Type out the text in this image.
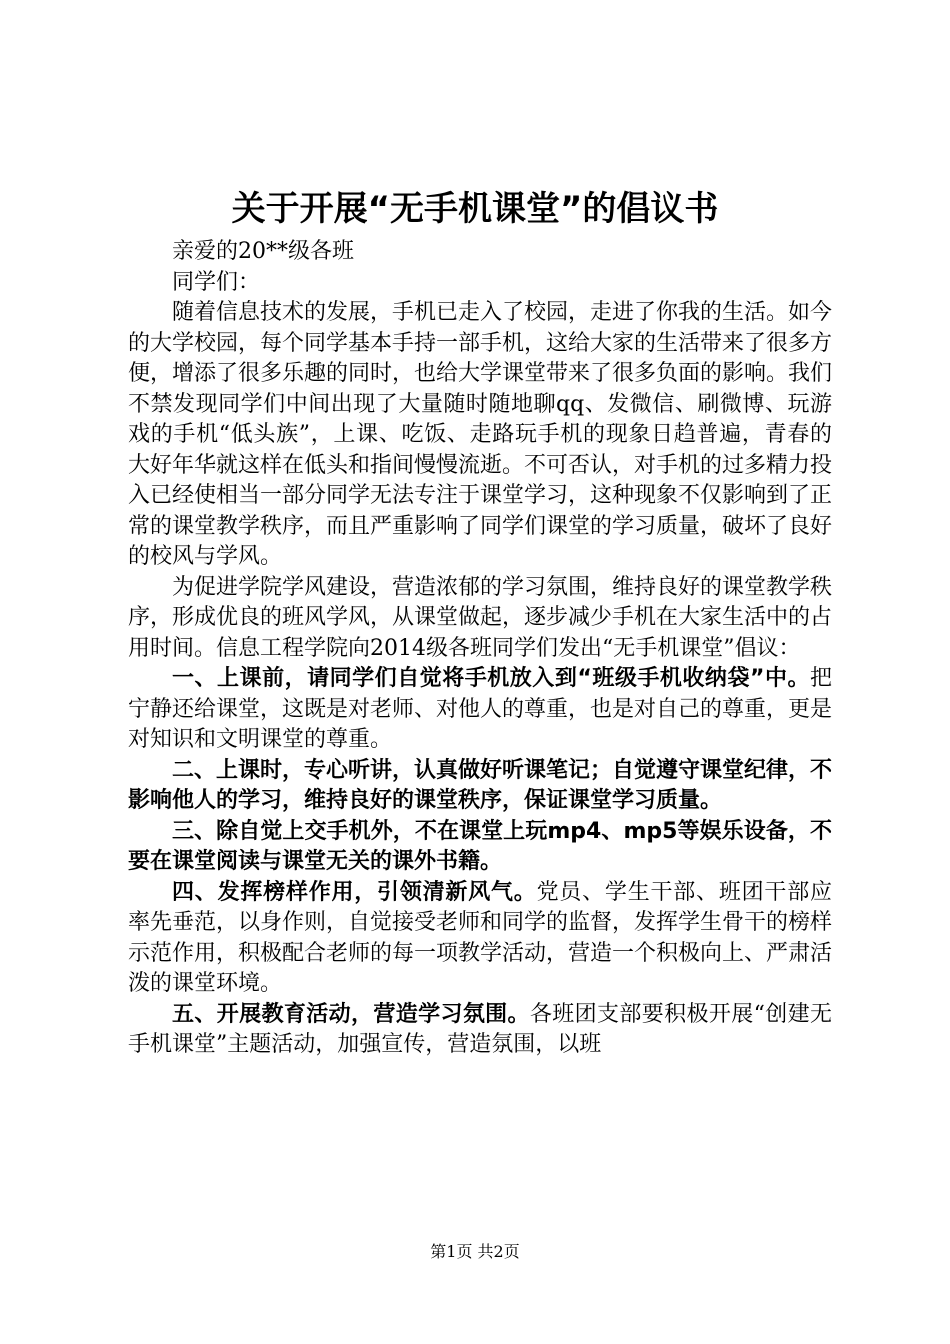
关于开展“无手机课堂”的倡议书

亲爱的20**级各班

同学们：

随着信息技术的发展，手机已走入了校园，走进了你我的生活。如今的大学校园，每个同学基本手持一部手机，这给大家的生活带来了很多方便，增添了很多乐趣的同时，也给大学课堂带来了很多负面的影响。我们不禁发现同学们中间出现了大量随时随地聊qq、发微信、刷微博、玩游戏的手机“低头族”，上课、吃饭、走路玩手机的现象日趋普遍，青春的大好年华就这样在低头和指间慢慢流逝。不可否认，对手机的过多精力投入已经使相当一部分同学无法专注于课堂学习，这种现象不仅影响到了正常的课堂教学秩序，而且严重影响了同学们课堂的学习质量，破坏了良好的校风与学风。

为促进学院学风建设，营造浓郁的学习氛围，维持良好的课堂教学秩序，形成优良的班风学风，从课堂做起，逐步减少手机在大家生活中的占用时间。信息工程学院向2014级各班同学们发出“无手机课堂”倡议：

一、上课前，请同学们自觉将手机放入到“班级手机收纳袋”中。把宁静还给课堂，这既是对老师、对他人的尊重，也是对自己的尊重，更是对知识和文明课堂的尊重。

二、上课时，专心听讲，认真做好听课笔记；自觉遵守课堂纪律，不影响他人的学习，维持良好的课堂秩序，保证课堂学习质量。

三、除自觉上交手机外，不在课堂上玩mp4、mp5等娱乐设备，不要在课堂阅读与课堂无关的课外书籍。

四、发挥榜样作用，引领清新风气。党员、学生干部、班团干部应率先垂范，以身作则，自觉接受老师和同学的监督，发挥学生骨干的榜样示范作用，积极配合老师的每一项教学活动，营造一个积极向上、严肃活泼的课堂环境。

五、开展教育活动，营造学习氛围。各班团支部要积极开展“创建无手机课堂”主题活动，加强宣传，营造氛围，以班

第1页 共2页
